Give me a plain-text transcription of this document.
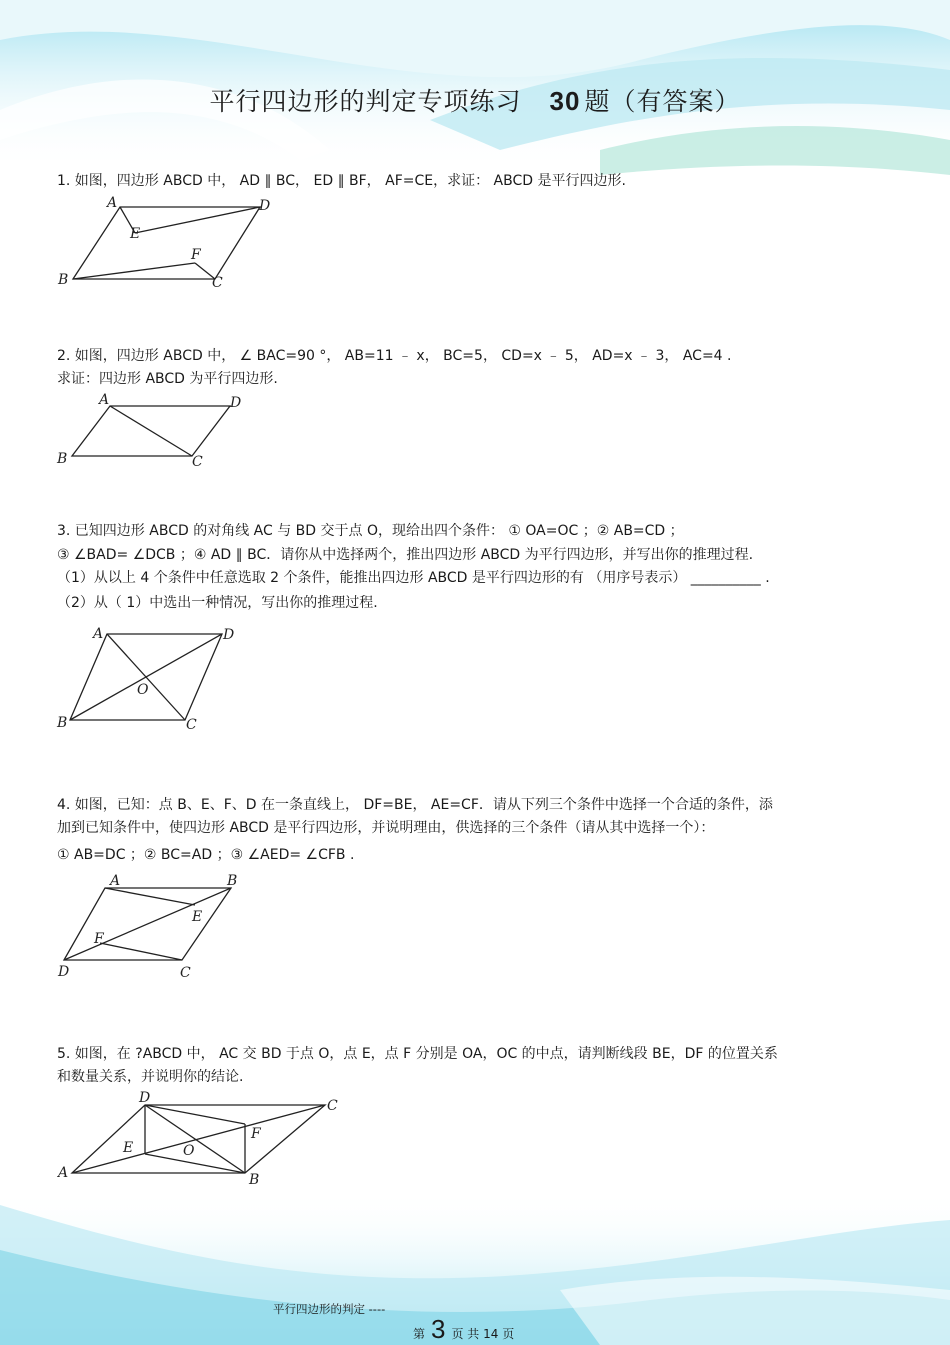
平行四边形的判定专项练习 30 题（有答案）
1. 如图，四边形 ABCD 中， AD ∥ BC， ED ∥ BF， AF=CE，求证： ABCD 是平行四边形.
A	D
E
F
B	C
2. 如图，四边形 ABCD 中， ∠ BAC=90 °， AB=11 ﹣ x， BC=5， CD=x ﹣ 5， AD=x ﹣ 3， AC=4 .
求证：四边形 ABCD 为平行四边形.
A	D
B	C
3. 已知四边形 ABCD 的对角线 AC 与 BD 交于点 O，现给出四个条件： ① OA=OC ；② AB=CD ；
③ ∠BAD= ∠DCB ；④ AD ∥ BC．请你从中选择两个，推出四边形 ABCD 为平行四边形，并写出你的推理过程.
（1）从以上 4 个条件中任意选取 2 个条件，能推出四边形 ABCD 是平行四边形的有 （用序号表示） __________ .
（2）从（ 1）中选出一种情况，写出你的推理过程.
A	D
O
B	C
4. 如图，已知：点 B、E、F、D 在一条直线上， DF=BE， AE=CF．请从下列三个条件中选择一个合适的条件，添
加到已知条件中，使四边形 ABCD 是平行四边形，并说明理由，供选择的三个条件（请从其中选择一个）：
① AB=DC ；② BC=AD ；③ ∠AED= ∠CFB .
A	B
E
F
D	C
5. 如图，在 ?ABCD 中， AC 交 BD 于点 O，点 E，点 F 分别是 OA，OC 的中点，请判断线段 BE，DF 的位置关系
和数量关系，并说明你的结论.
D	C
E	O
F
A	B
平行四边形的判定 ----
第 3 页 共 14 页
